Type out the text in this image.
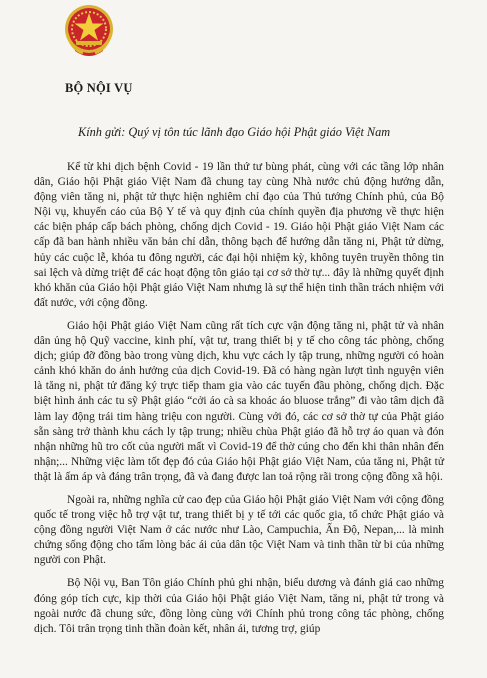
BỘ NỘI VỤ

Kính gửi: Quý vị tôn túc lãnh đạo Giáo hội Phật giáo Việt Nam

Kể từ khi dịch bệnh Covid - 19 lần thứ tư bùng phát, cùng với các tầng lớp nhân dân, Giáo hội Phật giáo Việt Nam đã chung tay cùng Nhà nước chủ động hưởng dẫn, động viên tăng ni, phật tử thực hiện nghiêm chỉ đạo của Thủ tướng Chính phủ, của Bộ Nội vụ, khuyến cáo của Bộ Y tế và quy định của chính quyền địa phương về thực hiện các biện pháp cấp bách phòng, chống dịch Covid - 19. Giáo hội Phật giáo Việt Nam các cấp đã ban hành nhiều văn bản chỉ dẫn, thông bạch để hướng dẫn tăng ni, Phật tử dừng, hủy các cuộc lễ, khóa tu đông người, các đại hội nhiệm kỳ, không tuyên truyền thông tin sai lệch và dừng triệt để các hoạt động tôn giáo tại cơ sở thờ tự... đây là những quyết định khó khăn của Giáo hội Phật giáo Việt Nam nhưng là sự thể hiện tinh thần trách nhiệm với đất nước, với cộng đồng.

Giáo hội Phật giáo Việt Nam cũng rất tích cực vận động tăng ni, phật tử và nhân dân ủng hộ Quỹ vaccine, kinh phí, vật tư, trang thiết bị y tế cho công tác phòng, chống dịch; giúp đỡ đồng bào trong vùng dịch, khu vực cách ly tập trung, những người có hoàn cảnh khó khăn do ảnh hưởng của dịch Covid-19. Đã có hàng ngàn lượt tình nguyện viên là tăng ni, phật tử đăng ký trực tiếp tham gia vào các tuyến đầu phòng, chống dịch. Đặc biệt hình ảnh các tu sỹ Phật giáo “cởi áo cà sa khoác áo bluose trắng” đi vào tâm dịch đã làm lay động trái tim hàng triệu con người. Cùng với đó, các cơ sở thờ tự của Phật giáo sẵn sàng trở thành khu cách ly tập trung; nhiều chùa Phật giáo đã hỗ trợ áo quan và đón nhận những hũ tro cốt của người mất vì Covid-19 để thờ cúng cho đến khi thân nhân đến nhận;... Những việc làm tốt đẹp đó của Giáo hội Phật giáo Việt Nam, của tăng ni, Phật tử thật là ấm áp và đáng trân trọng, đã và đang được lan toả rộng rãi trong cộng đồng xã hội.

Ngoài ra, những nghĩa cử cao đẹp của Giáo hội Phật giáo Việt Nam với cộng đồng quốc tế trong việc hỗ trợ vật tư, trang thiết bị y tế tới các quốc gia, tổ chức Phật giáo và cộng đồng người Việt Nam ở các nước như Lào, Campuchia, Ấn Độ, Nepan,... là minh chứng sống động cho tấm lòng bác ái của dân tộc Việt Nam và tinh thần từ bi của những người con Phật.

Bộ Nội vụ, Ban Tôn giáo Chính phủ ghi nhận, biểu dương và đánh giá cao những đóng góp tích cực, kịp thời của Giáo hội Phật giáo Việt Nam, tăng ni, phật tử trong và ngoài nước đã chung sức, đồng lòng cùng với Chính phủ trong công tác phòng, chống dịch. Tôi trân trọng tinh thần đoàn kết, nhân ái, tương trợ, giúp
